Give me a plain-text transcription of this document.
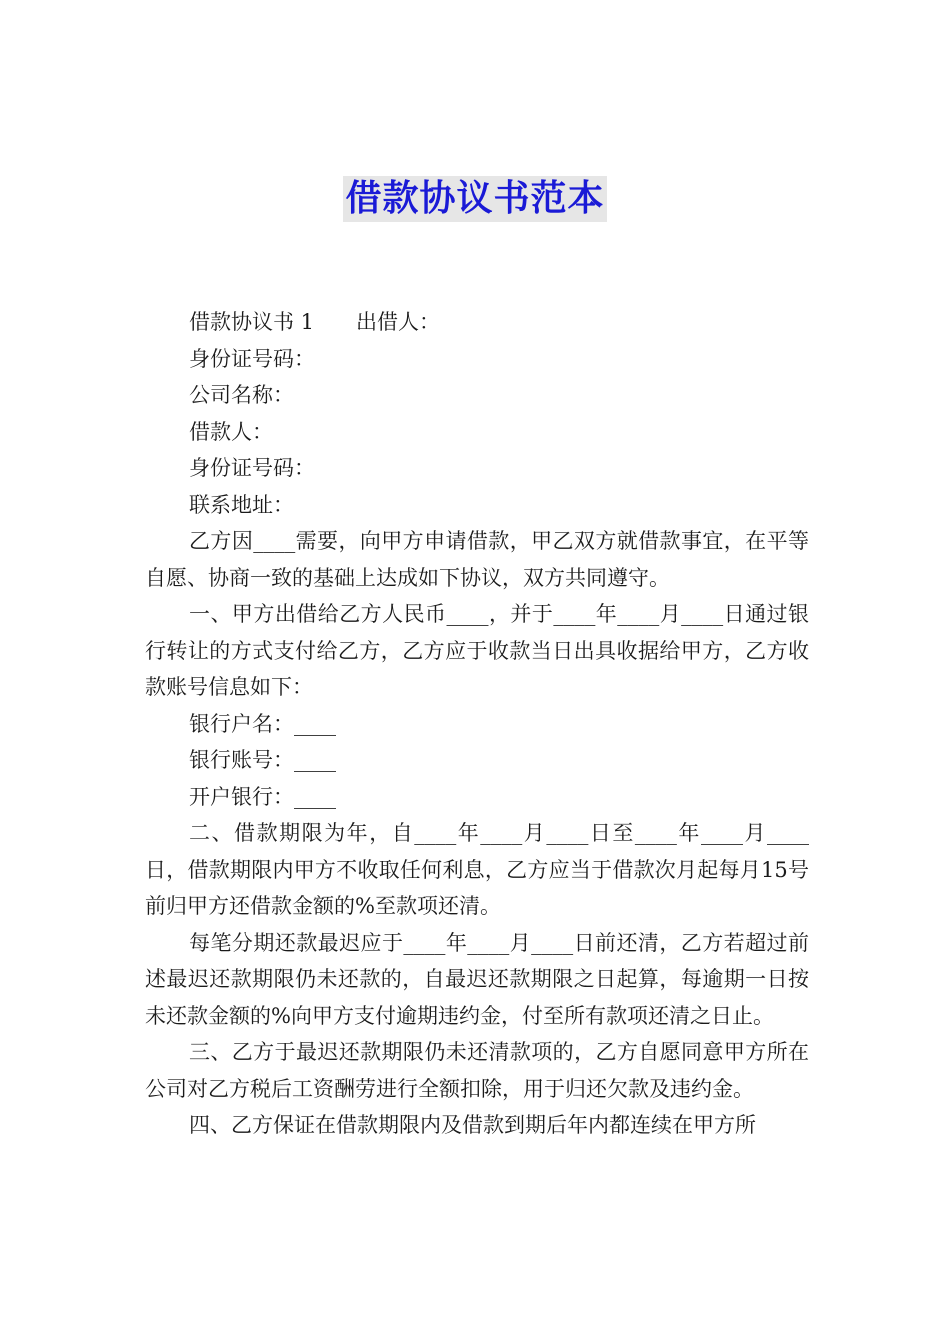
借款协议书范本

借款协议书 1　　出借人：

身份证号码：

公司名称：

借款人：

身份证号码：

联系地址：

乙方因____需要，向甲方申请借款，甲乙双方就借款事宜，在平等自愿、协商一致的基础上达成如下协议，双方共同遵守。

一、甲方出借给乙方人民币____，并于____年____月____日通过银行转让的方式支付给乙方，乙方应于收款当日出具收据给甲方，乙方收款账号信息如下：

银行户名：____

银行账号：____

开户银行：____

二、借款期限为年，自____年____月____日至____年____月____日，借款期限内甲方不收取任何利息，乙方应当于借款次月起每月15号前归甲方还借款金额的%至款项还清。

每笔分期还款最迟应于____年____月____日前还清，乙方若超过前述最迟还款期限仍未还款的，自最迟还款期限之日起算，每逾期一日按未还款金额的%向甲方支付逾期违约金，付至所有款项还清之日止。

三、乙方于最迟还款期限仍未还清款项的，乙方自愿同意甲方所在公司对乙方税后工资酬劳进行全额扣除，用于归还欠款及违约金。

四、乙方保证在借款期限内及借款到期后年内都连续在甲方所
